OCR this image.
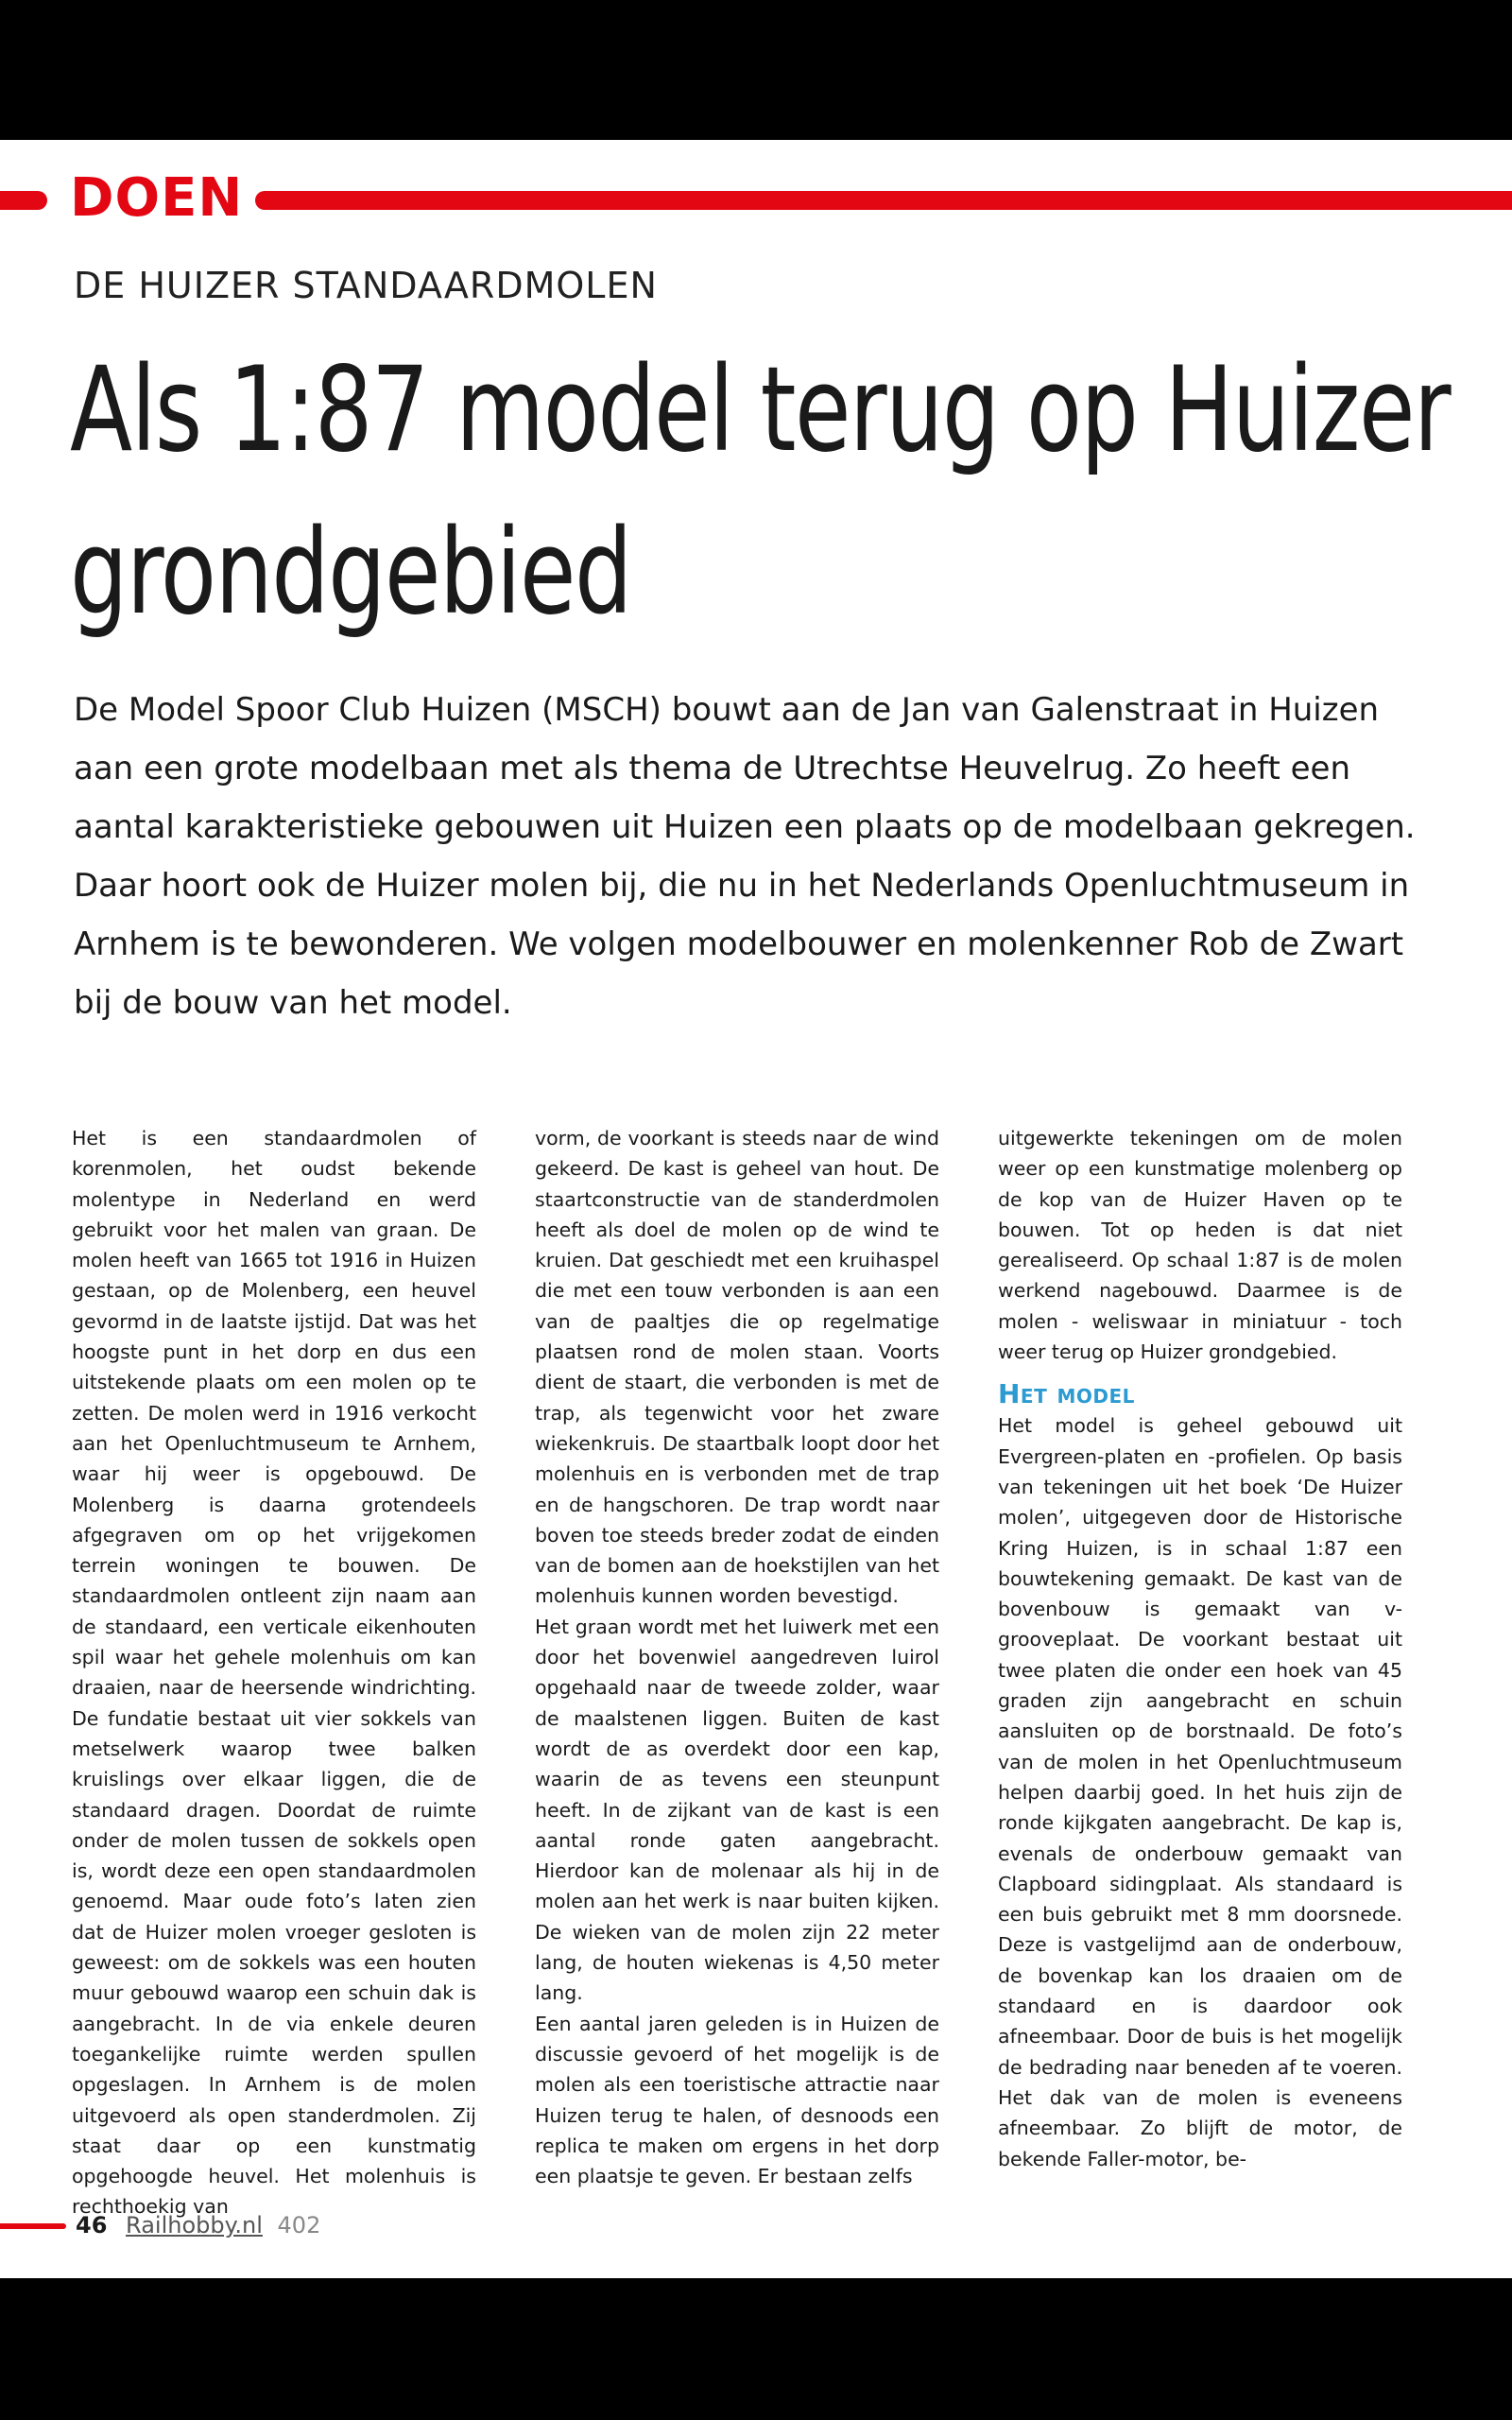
DOEN
DE HUIZER STANDAARDMOLEN
Als 1:87 model terug op Huizer grondgebied
De Model Spoor Club Huizen (MSCH) bouwt aan de Jan van Galenstraat in Huizen aan een grote modelbaan met als thema de Utrechtse Heuvelrug. Zo heeft een aantal karakteristieke gebouwen uit Huizen een plaats op de modelbaan gekregen. Daar hoort ook de Huizer molen bij, die nu in het Nederlands Openluchtmuseum in Arnhem is te bewonderen. We volgen modelbouwer en molenkenner Rob de Zwart bij de bouw van het model.

Het is een standaardmolen of korenmolen, het oudst bekende molentype in Nederland en werd gebruikt voor het malen van graan. De molen heeft van 1665 tot 1916 in Huizen gestaan, op de Molenberg, een heuvel gevormd in de laatste ijstijd. Dat was het hoogste punt in het dorp en dus een uitstekende plaats om een molen op te zetten. De molen werd in 1916 verkocht aan het Openluchtmuseum te Arnhem, waar hij weer is opgebouwd. De Molenberg is daarna grotendeels afgegraven om op het vrijgekomen terrein woningen te bouwen. De standaardmolen ontleent zijn naam aan de standaard, een verticale eikenhouten spil waar het gehele molenhuis om kan draaien, naar de heersende windrichting. De fundatie bestaat uit vier sokkels van metselwerk waarop twee balken kruislings over elkaar liggen, die de standaard dragen. Doordat de ruimte onder de molen tussen de sokkels open is, wordt deze een open standaardmolen genoemd. Maar oude foto’s laten zien dat de Huizer molen vroeger gesloten is geweest: om de sokkels was een houten muur gebouwd waarop een schuin dak is aangebracht. In de via enkele deuren toegankelijke ruimte werden spullen opgeslagen. In Arnhem is de molen uitgevoerd als open standerdmolen. Zij staat daar op een kunstmatig opgehoogde heuvel. Het molenhuis is rechthoekig van

vorm, de voorkant is steeds naar de wind gekeerd. De kast is geheel van hout. De staartconstructie van de standerdmolen heeft als doel de molen op de wind te kruien. Dat geschiedt met een kruihaspel die met een touw verbonden is aan een van de paaltjes die op regelmatige plaatsen rond de molen staan. Voorts dient de staart, die verbonden is met de trap, als tegenwicht voor het zware wiekenkruis. De staartbalk loopt door het molenhuis en is verbonden met de trap en de hangschoren. De trap wordt naar boven toe steeds breder zodat de einden van de bomen aan de hoekstijlen van het molenhuis kunnen worden bevestigd.

Het graan wordt met het luiwerk met een door het bovenwiel aangedreven luirol opgehaald naar de tweede zolder, waar de maalstenen liggen. Buiten de kast wordt de as overdekt door een kap, waarin de as tevens een steunpunt heeft. In de zijkant van de kast is een aantal ronde gaten aangebracht. Hierdoor kan de molenaar als hij in de molen aan het werk is naar buiten kijken. De wieken van de molen zijn 22 meter lang, de houten wiekenas is 4,50 meter lang.

Een aantal jaren geleden is in Huizen de discussie gevoerd of het mogelijk is de molen als een toeristische attractie naar Huizen terug te halen, of desnoods een replica te maken om ergens in het dorp een plaatsje te geven. Er bestaan zelfs

uitgewerkte tekeningen om de molen weer op een kunstmatige molenberg op de kop van de Huizer Haven op te bouwen. Tot op heden is dat niet gerealiseerd. Op schaal 1:87 is de molen werkend nagebouwd. Daarmee is de molen - weliswaar in miniatuur - toch weer terug op Huizer grondgebied.

Het model

Het model is geheel gebouwd uit Evergreen-platen en -profielen. Op basis van tekeningen uit het boek ‘De Huizer molen’, uitgegeven door de Historische Kring Huizen, is in schaal 1:87 een bouwtekening gemaakt. De kast van de bovenbouw is gemaakt van v-grooveplaat. De voorkant bestaat uit twee platen die onder een hoek van 45 graden zijn aangebracht en schuin aansluiten op de borstnaald. De foto’s van de molen in het Openluchtmuseum helpen daarbij goed. In het huis zijn de ronde kijkgaten aangebracht. De kap is, evenals de onderbouw gemaakt van Clapboard sidingplaat. Als standaard is een buis gebruikt met 8 mm doorsnede. Deze is vastgelijmd aan de onderbouw, de bovenkap kan los draaien om de standaard en is daardoor ook afneembaar. Door de buis is het mogelijk de bedrading naar beneden af te voeren. Het dak van de molen is eveneens afneembaar. Zo blijft de motor, de bekende Faller-motor, be-

46 Railhobby.nl 402
